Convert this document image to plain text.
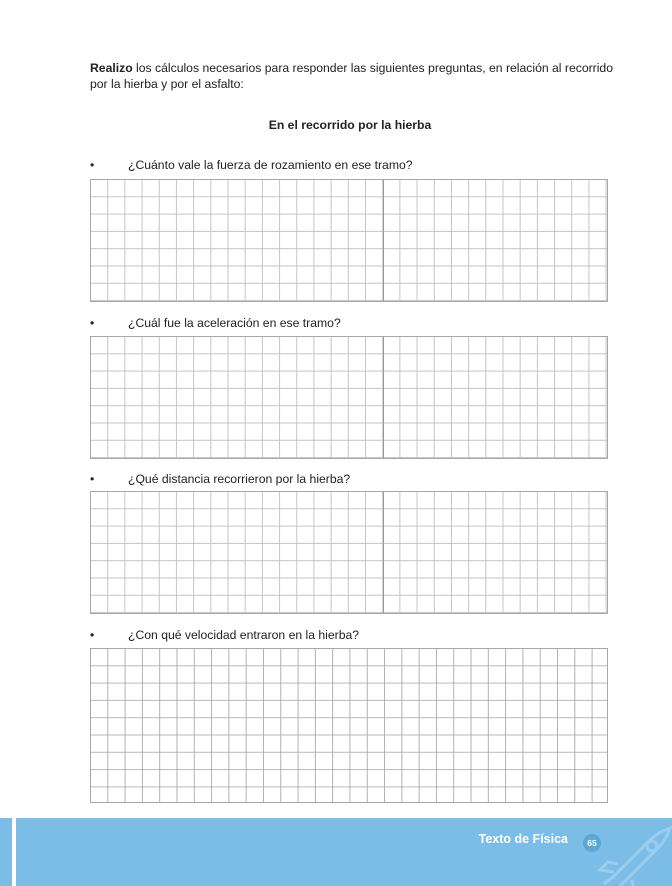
Realizo los cálculos necesarios para responder las siguientes preguntas, en relación al recorrido por la hierba y por el asfalto:

En el recorrido por la hierba
•	¿Cuánto vale la fuerza de rozamiento en ese tramo?
•	¿Cuál fue la aceleración en ese tramo?
•	¿Qué distancia recorrieron por la hierba?
•	¿Con qué velocidad entraron en la hierba?
Texto de Física	65
